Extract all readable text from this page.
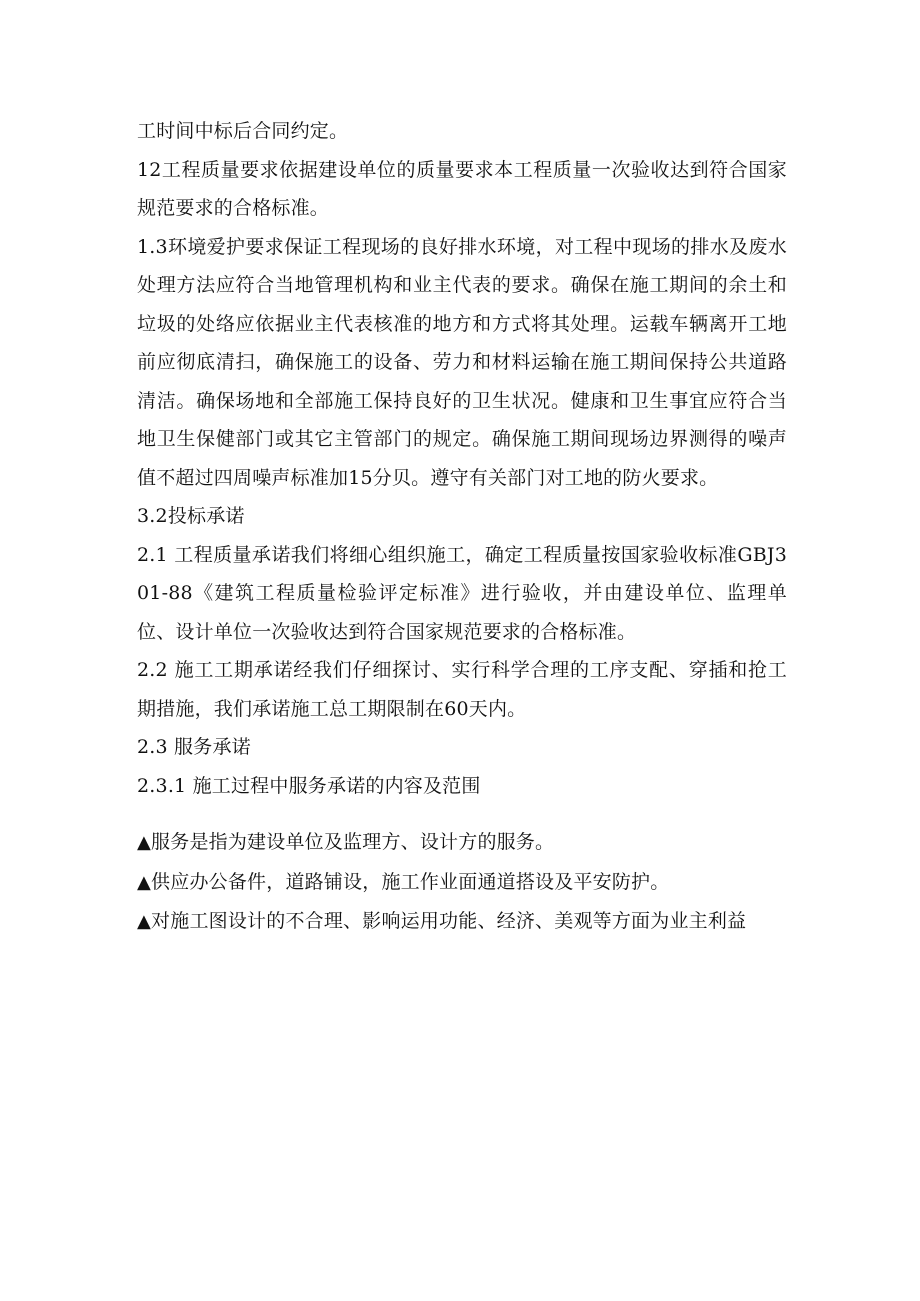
工时间中标后合同约定。

12工程质量要求依据建设单位的质量要求本工程质量一次验收达到符合国家规范要求的合格标准。

1.3环境爱护要求保证工程现场的良好排水环境，对工程中现场的排水及废水处理方法应符合当地管理机构和业主代表的要求。确保在施工期间的余土和垃圾的处络应依据业主代表核准的地方和方式将其处理。运载车辆离开工地前应彻底清扫，确保施工的设备、劳力和材料运输在施工期间保持公共道路清洁。确保场地和全部施工保持良好的卫生状况。健康和卫生事宜应符合当地卫生保健部门或其它主管部门的规定。确保施工期间现场边界测得的噪声值不超过四周噪声标准加15分贝。遵守有关部门对工地的防火要求。

3.2投标承诺

2.1 工程质量承诺我们将细心组织施工，确定工程质量按国家验收标准GBJ301-88《建筑工程质量检验评定标准》进行验收，并由建设单位、监理单位、设计单位一次验收达到符合国家规范要求的合格标准。

2.2 施工工期承诺经我们仔细探讨、实行科学合理的工序支配、穿插和抢工期措施，我们承诺施工总工期限制在60天内。

2.3 服务承诺

2.3.1 施工过程中服务承诺的内容及范围

▲服务是指为建设单位及监理方、设计方的服务。

▲供应办公备件，道路铺设，施工作业面通道搭设及平安防护。

▲对施工图设计的不合理、影响运用功能、经济、美观等方面为业主利益
